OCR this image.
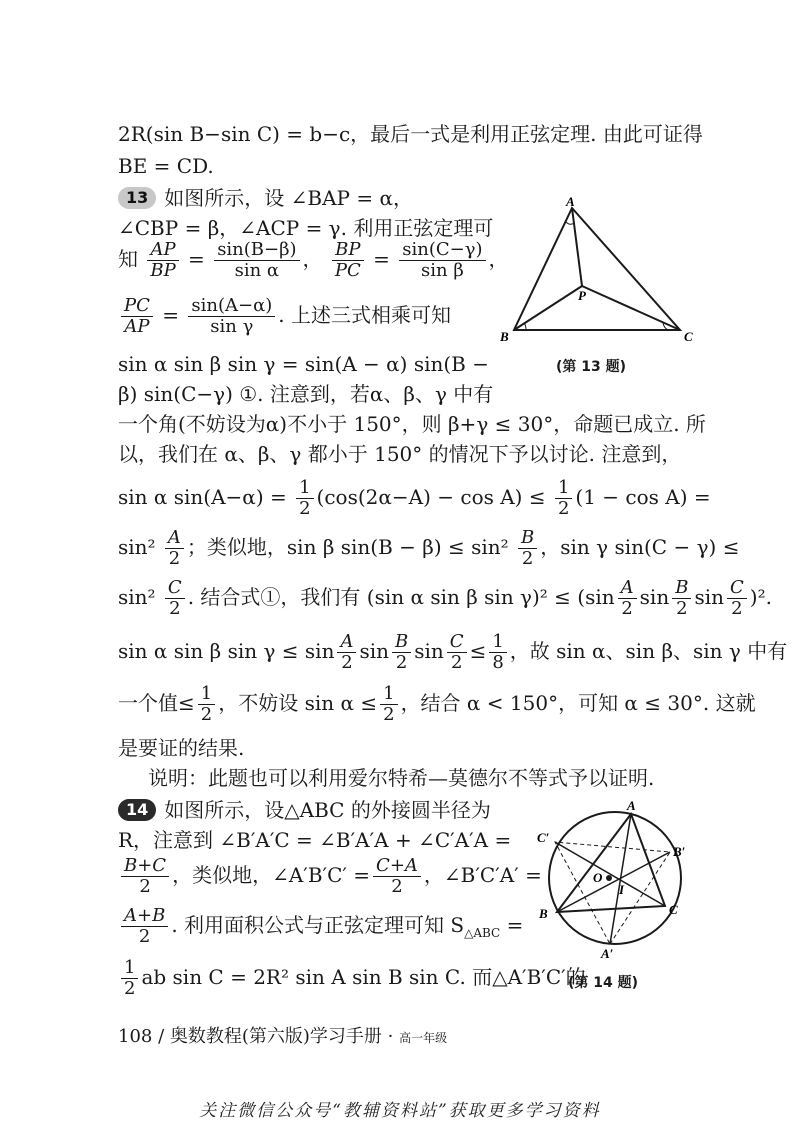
2R(sin B−sin C) = b−c，最后一式是利用正弦定理. 由此可证得
BE = CD.
13 如图所示，设 ∠BAP = α，
∠CBP = β，∠ACP = γ. 利用正弦定理可
知 $\frac{AP}{BP} = \frac{\sin(B-\beta)}{\text{sin α}}$ ， $\frac{BP}{PC} = \frac{\sin(C-\gamma)}{\text{sin β}}$ ，
$\frac{PC}{AP} = \frac{\sin(A-\alpha)}{\text{sin γ}}$ . 上述三式相乘可知
sin α sin β sin γ = sin(A − α) sin(B −
β) sin(C−γ) ①. 注意到，若α、β、γ 中有
一个角(不妨设为α)不小于 150°，则 β+γ ≤ 30°，命题已成立. 所
以，我们在 α、β、γ 都小于 150° 的情况下予以讨论. 注意到，
A
B	C
P
(第 13 题)
sin α $\sin(A-\alpha) = \frac{1}{2} (\cos(2\alpha-A) - \cos A) \le \frac{1}{2} (1 - \cos A)$ =
$\sin^2 \frac{A}{2}$ ；类似地，sin β $\sin(B - \beta) \le \sin^2 \frac{B}{2}$ ，sin γ sin(C − γ) ≤
$\sin^2 \frac{C}{2}$ . 结合式①，我们有 (sin α sin β $\sin \gamma)^2 \le (\sin \frac{A}{2}$ $\sin \frac{B}{2}$ $\sin \frac{C}{2} )^2$.
sin α sin β $\sin \gamma \le \sin \frac{A}{2}$ $\sin \frac{B}{2}$ $\sin \frac{C}{2} \le \frac{1}{8}$ ，故 sin α、sin β、sin γ 中有
一个值≤ $\frac{1}{2}$ ，不妨设 $\sin \alpha \le \frac{1}{2}$ ，结合 α < 150°，可知 α ≤ 30°. 这就
是要证的结果.
说明：此题也可以利用爱尔特希—莫德尔不等式予以证明.
14 如图所示，设△ABC 的外接圆半径为
R，注意到 ∠B′A′C = ∠B′A′A + ∠C′A′A =
$\frac{B+C}{2}$ ，类似地，∠A′B′C′ = $\frac{C+A}{2}$ ，∠B′C′A′ =
$\frac{A+B}{2}$ . 利用面积公式与正弦定理可知 $S_{\triangle ABC}$ =
$\frac{1}{2}$ ab sin C = 2R² sin A sin B sin C. 而△A′B′C′的
A
B	C
A′
B′
C′
O
I
(第 14 题)
108 / 奥数教程(第六版)学习手册 · 高一年级
关注微信公众号“教辅资料站”获取更多学习资料
